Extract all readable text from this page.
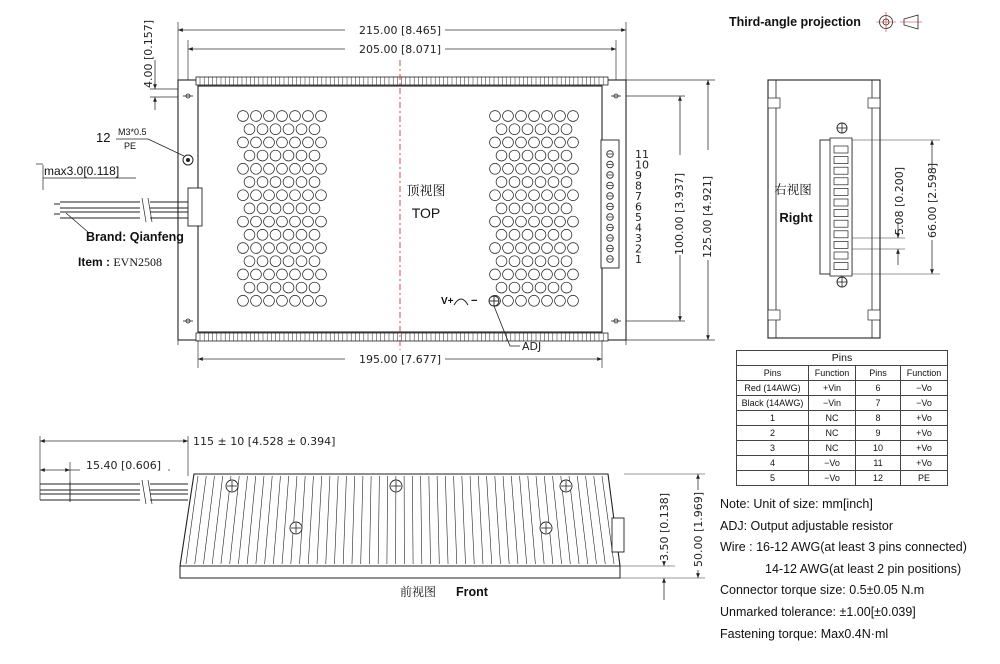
215.00 [8.465]
205.00 [8.071]
4.00 [0.157]
顶视图
TOP
11
10
9
8
7
6
5
4
3
2
1
100.00 [3.937] 125.00 [4.921]
195.00 [7.677]
V+ −
ADJ
12 M3*0.5
PE
max3.0[0.118]
Brand: Qianfeng
Item : EVN2508
Third-angle projection
右视图
Right	66.00 [2.598]
5.08 [0.200]
115 ± 10 [4.528 ± 0.394]
15.40 [0.606]
50.00 [1.969]
3.50 [0.138]
前视图 Front
Pins			
Pins	Function	Pins	Function
Red (14AWG)	+Vin	6	−Vo
Black (14AWG)	−Vin	7	−Vo
1	NC	8	+Vo
2	NC	9	+Vo
3	NC	10	+Vo
4	−Vo	11	+Vo
5	−Vo	12	PE
Note: Unit of size: mm[inch]
ADJ: Output adjustable resistor
Wire : 16-12 AWG(at least 3 pins connected)
14-12 AWG(at least 2 pin positions)
Connector torque size: 0.5±0.05 N.m
Unmarked tolerance: ±1.00[±0.039]
Fastening torque: Max0.4N·ml
